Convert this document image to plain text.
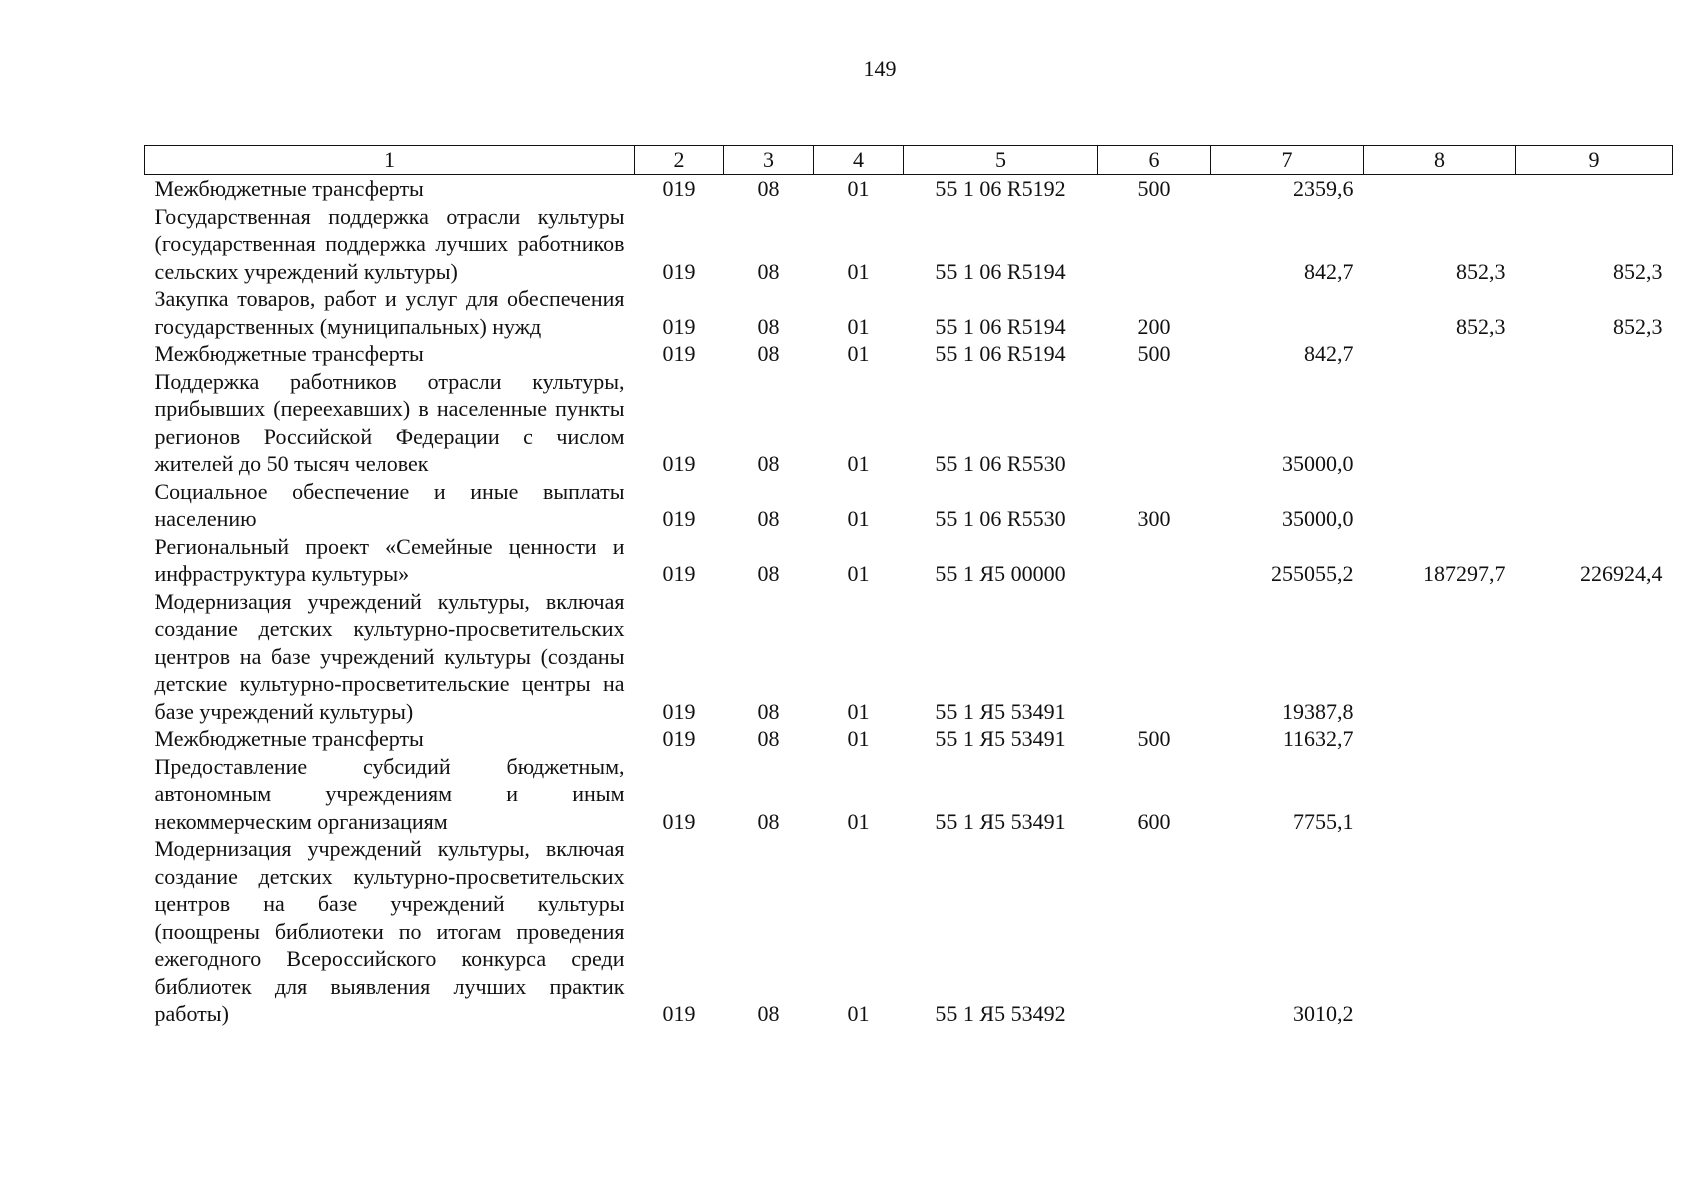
149
1	2	3	4	5	6	7	8	9
Межбюджетные трансферты	019	08	01	55 1 06 R5192	500	2359,6		
Государственная поддержка отрасли культуры (государственная поддержка лучших работников сельских учреждений культуры)	019	08	01	55 1 06 R5194		842,7	852,3	852,3
Закупка товаров, работ и услуг для обеспечения государственных (муниципальных) нужд	019	08	01	55 1 06 R5194	200		852,3	852,3
Межбюджетные трансферты	019	08	01	55 1 06 R5194	500	842,7		
Поддержка работников отрасли культуры, прибывших (переехавших) в населенные пункты регионов Российской Федерации с числом жителей до 50 тысяч человек	019	08	01	55 1 06 R5530		35000,0		
Социальное обеспечение и иные выплаты населению	019	08	01	55 1 06 R5530	300	35000,0		
Региональный проект «Семейные ценности и инфраструктура культуры»	019	08	01	55 1 Я5 00000		255055,2	187297,7	226924,4
Модернизация учреждений культуры, включая создание детских культурно-просветительских центров на базе учреждений культуры (созданы детские культурно-просветительские центры на базе учреждений культуры)	019	08	01	55 1 Я5 53491		19387,8		
Межбюджетные трансферты	019	08	01	55 1 Я5 53491	500	11632,7		
Предоставление субсидий бюджетным, автономным учреждениям и иным некоммерческим организациям	019	08	01	55 1 Я5 53491	600	7755,1		
Модернизация учреждений культуры, включая создание детских культурно-просветительских центров на базе учреждений культуры (поощрены библиотеки по итогам проведения ежегодного Всероссийского конкурса среди библиотек для выявления лучших практик работы)	019	08	01	55 1 Я5 53492		3010,2		
